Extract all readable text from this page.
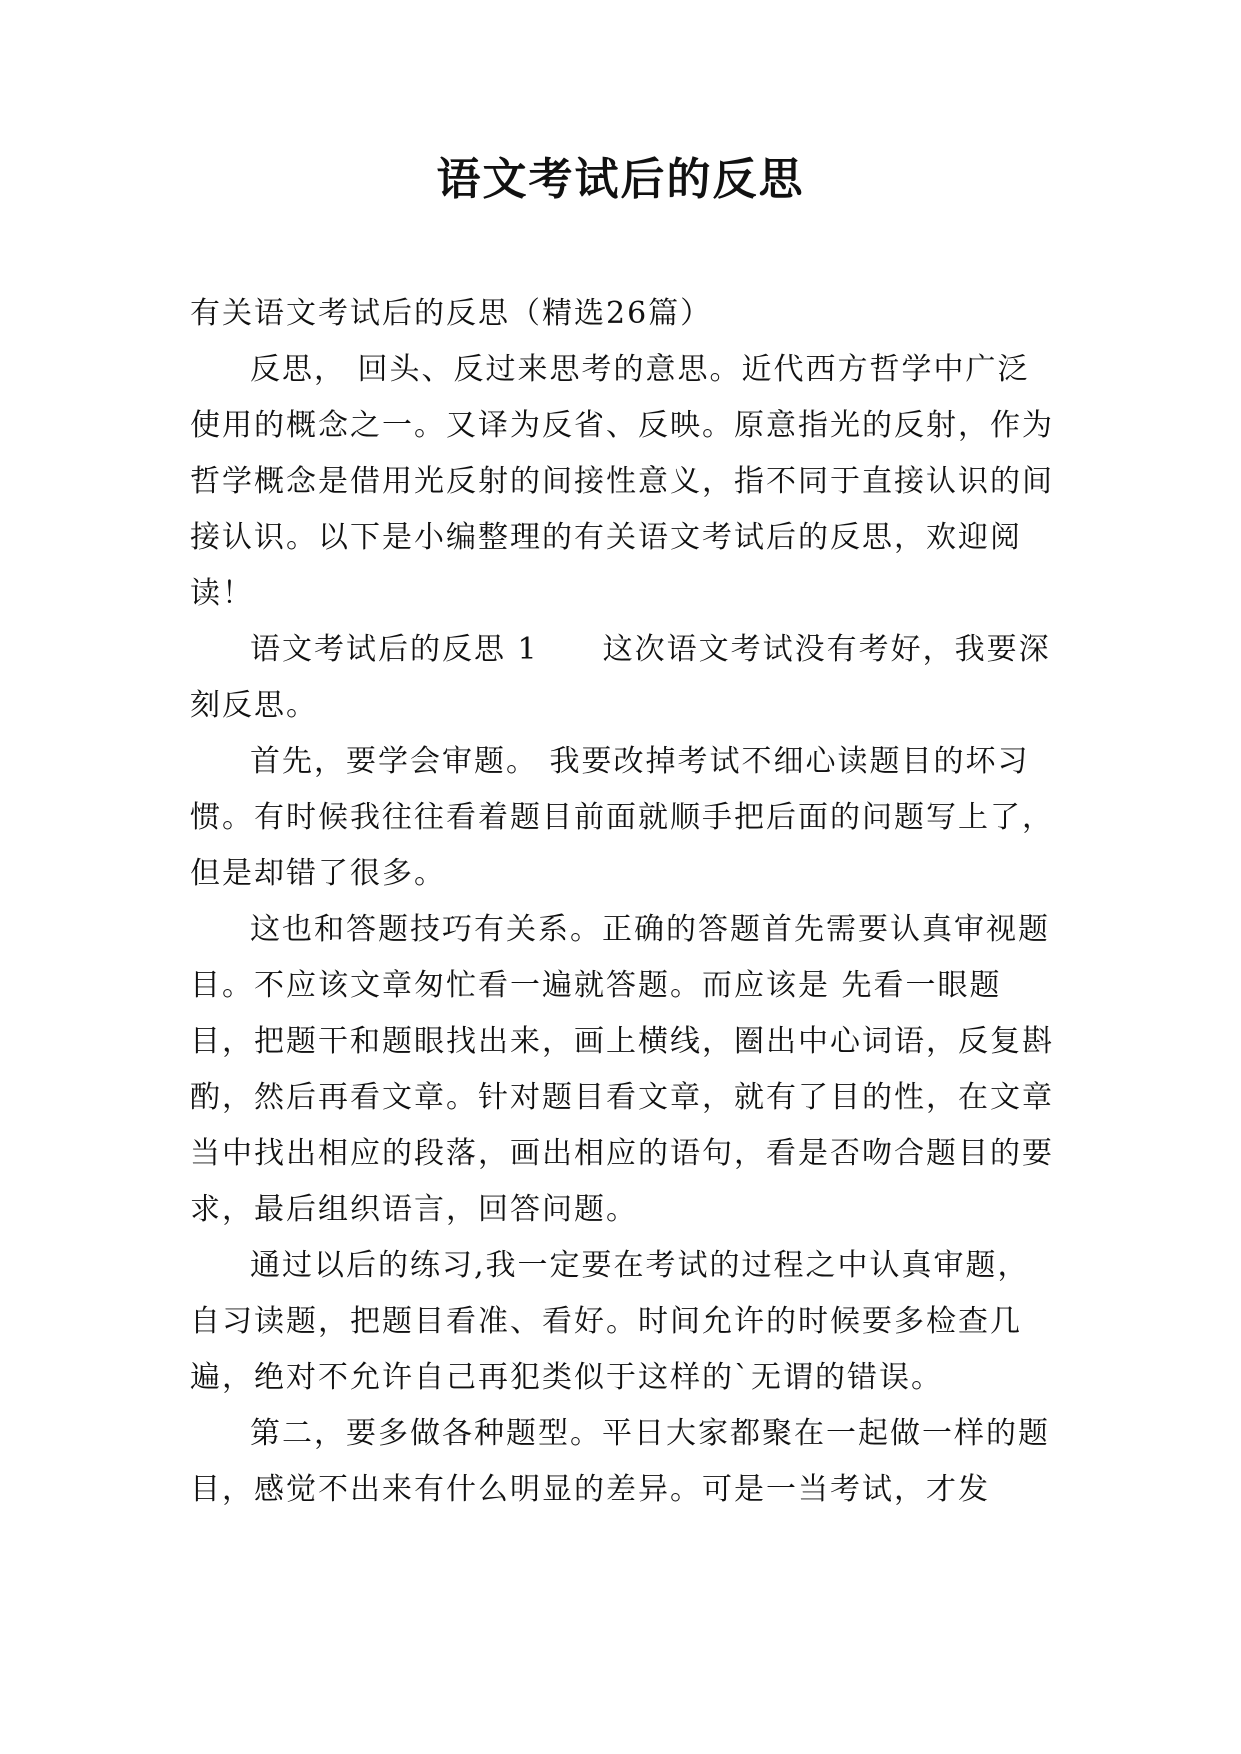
语文考试后的反思

有关语文考试后的反思（精选26篇）

反思， 回头、反过来思考的意思。近代西方哲学中广泛使用的概念之一。又译为反省、反映。原意指光的反射，作为哲学概念是借用光反射的间接性意义，指不同于直接认识的间接认识。以下是小编整理的有关语文考试后的反思，欢迎阅读！

语文考试后的反思 1　　这次语文考试没有考好，我要深刻反思。

首先，要学会审题。 我要改掉考试不细心读题目的坏习惯。有时候我往往看着题目前面就顺手把后面的问题写上了，但是却错了很多。

这也和答题技巧有关系。正确的答题首先需要认真审视题目。不应该文章匆忙看一遍就答题。而应该是 先看一眼题目，把题干和题眼找出来，画上横线，圈出中心词语，反复斟酌，然后再看文章。针对题目看文章，就有了目的性，在文章当中找出相应的段落，画出相应的语句，看是否吻合题目的要求，最后组织语言，回答问题。

通过以后的练习,我一定要在考试的过程之中认真审题，自习读题，把题目看准、看好。时间允许的时候要多检查几遍，绝对不允许自己再犯类似于这样的`无谓的错误。

第二，要多做各种题型。平日大家都聚在一起做一样的题目，感觉不出来有什么明显的差异。可是一当考试，才发
